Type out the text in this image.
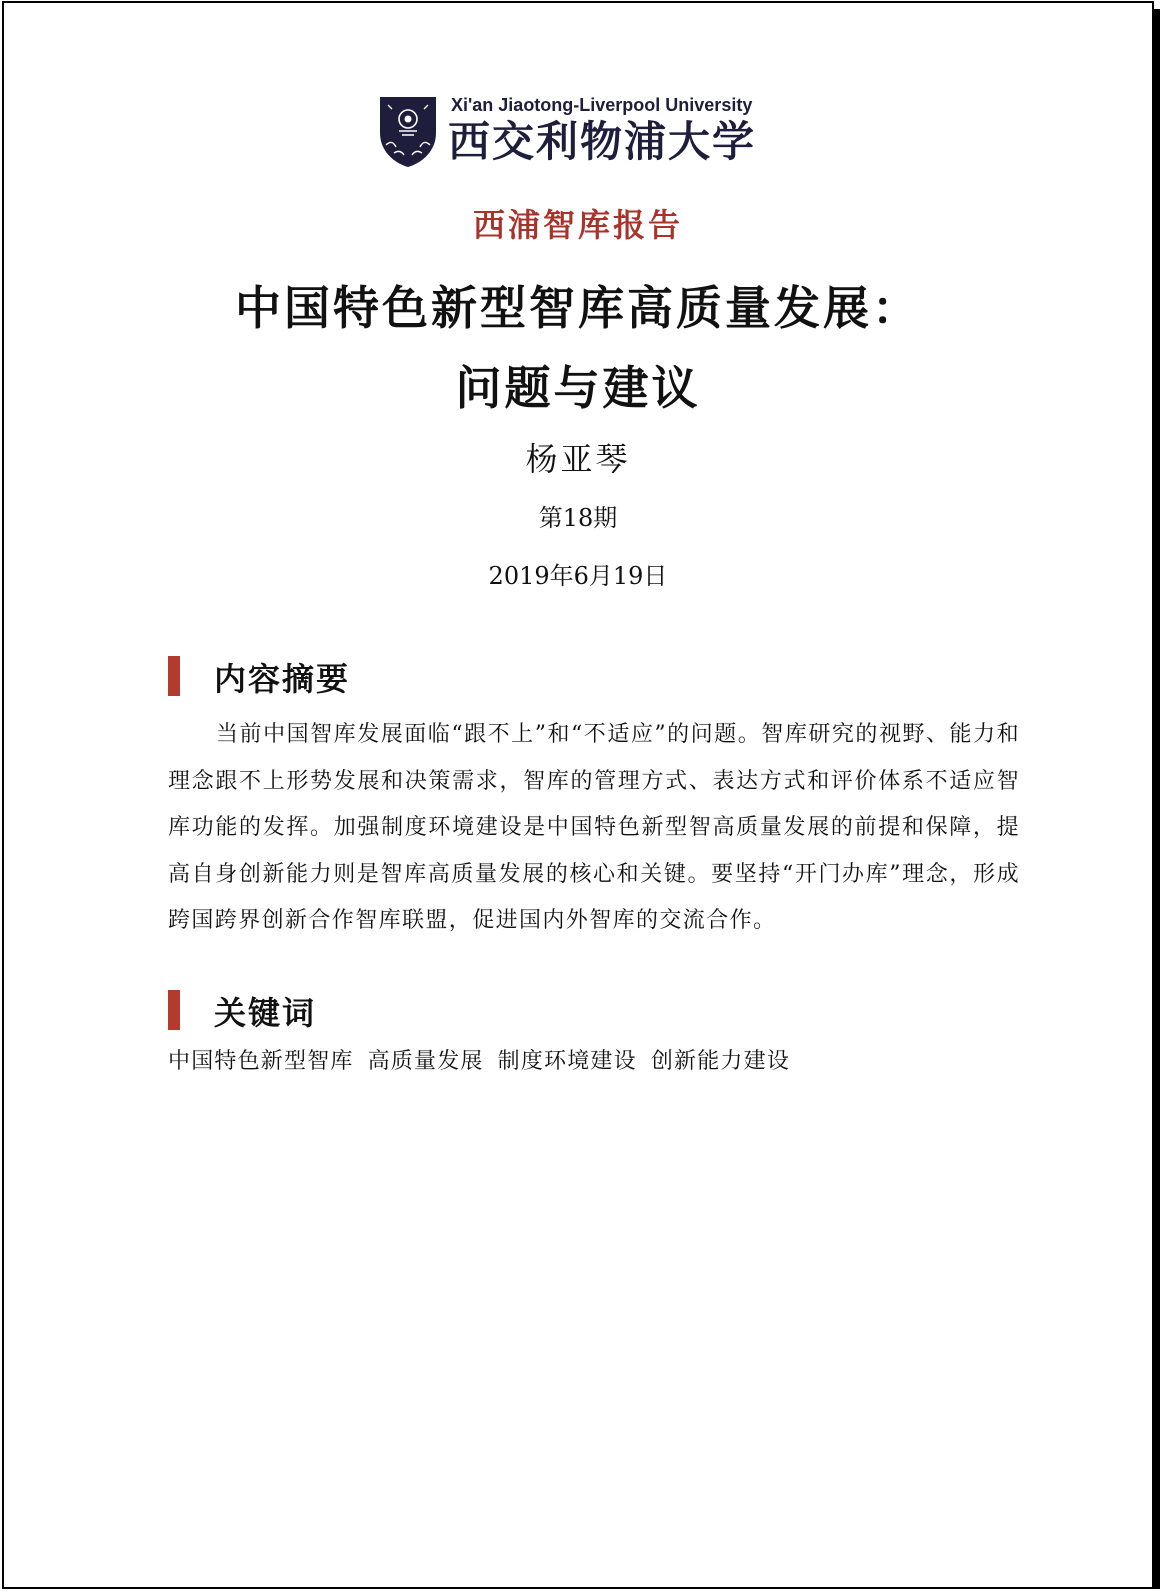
Xi'an Jiaotong-Liverpool University
西交利物浦大学
西浦智库报告
中国特色新型智库高质量发展：
问题与建议
杨亚琴
第18期
2019年6月19日
内容摘要

当前中国智库发展面临“跟不上”和“不适应”的问题。智库研究的视野、能力和理念跟不上形势发展和决策需求，智库的管理方式、表达方式和评价体系不适应智库功能的发挥。加强制度环境建设是中国特色新型智高质量发展的前提和保障，提高自身创新能力则是智库高质量发展的核心和关键。要坚持“开门办库”理念，形成跨国跨界创新合作智库联盟，促进国内外智库的交流合作。

关键词
中国特色新型智库 高质量发展 制度环境建设 创新能力建设
